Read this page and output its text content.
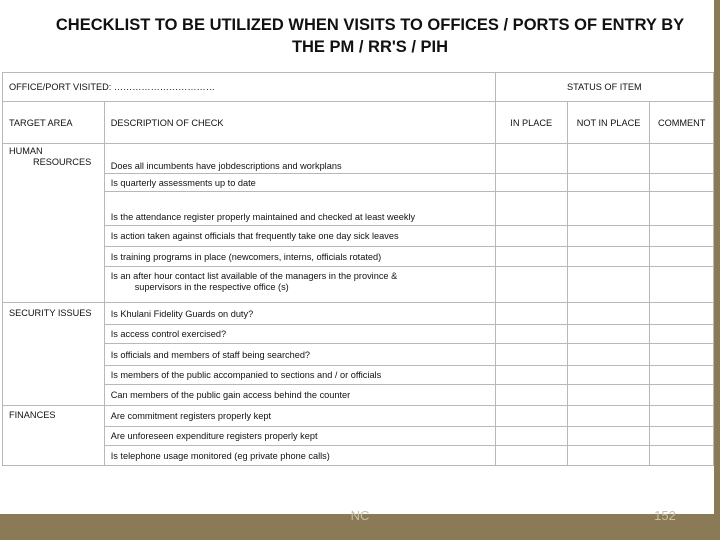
CHECKLIST TO BE UTILIZED WHEN VISITS TO OFFICES / PORTS OF ENTRY BY
THE PM / RR'S / PIH
OFFICE/PORT VISITED: ……………………………		STATUS OF ITEM		
TARGET AREA	DESCRIPTION OF CHECK	IN PLACE	NOT IN PLACE	COMMENT
HUMAN
RESOURCES	Does all incumbents have jobdescriptions and workplans			
	Is quarterly assessments up to date			
	Is the attendance register properly maintained and checked at least weekly			
	Is action taken against officials that frequently take one day sick leaves			
	Is training programs in place (newcomers, interns, officials rotated)			
	Is an after hour contact list available of the managers in the province &
supervisors in the respective office (s)			

SECURITY ISSUES	Is Khulani Fidelity Guards on duty?			
	Is access control exercised?			
	Is officials and members of staff being searched?			
	Is members of the public accompanied to sections and / or officials			
	Can members of the public gain access behind the counter			
FINANCES	Are commitment registers properly kept			
	Are unforeseen expenditure registers properly kept			
	Is telephone usage monitored (eg private phone calls)			
NC	152
